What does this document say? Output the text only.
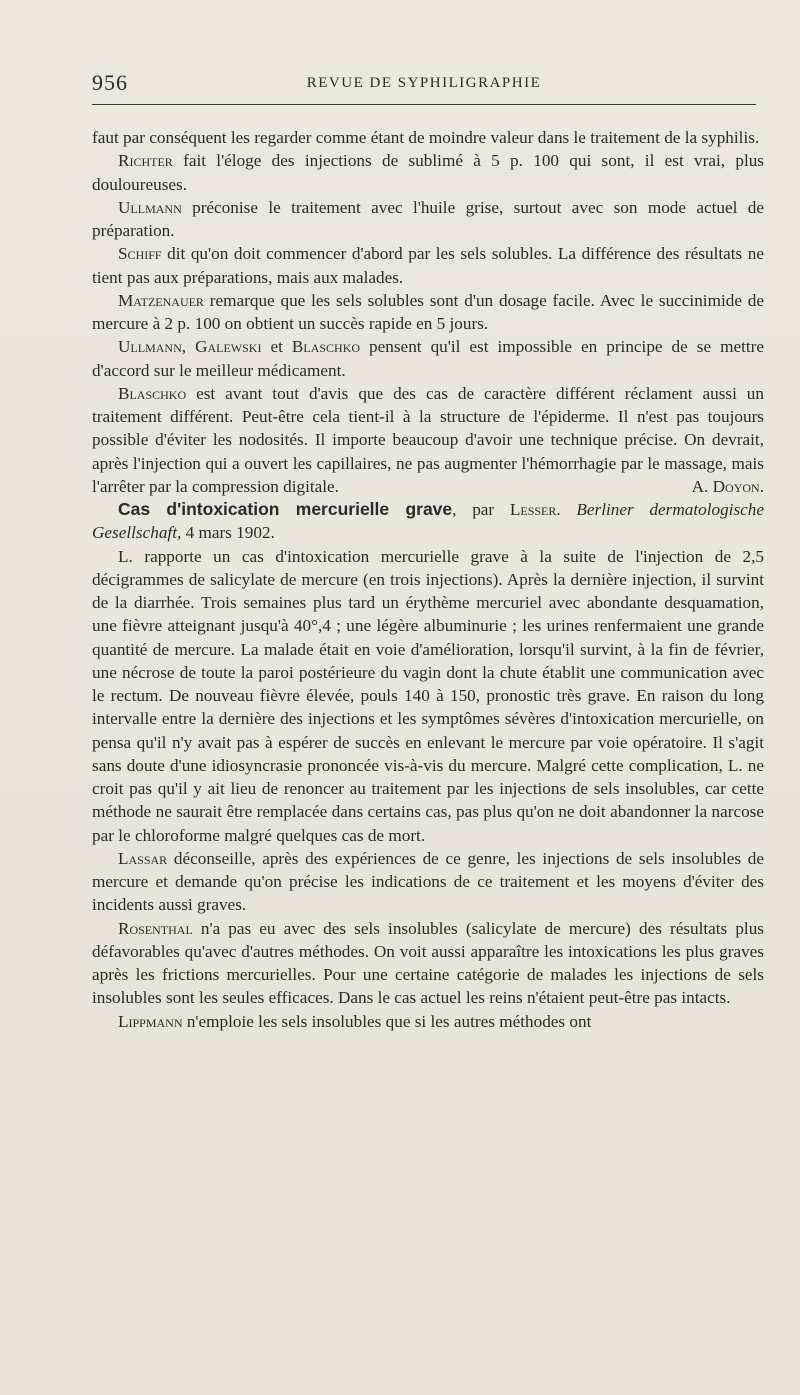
956	REVUE DE SYPHILIGRAPHIE

faut par conséquent les regarder comme étant de moindre valeur dans le traitement de la syphilis.

Richter fait l'éloge des injections de sublimé à 5 p. 100 qui sont, il est vrai, plus douloureuses.

Ullmann préconise le traitement avec l'huile grise, surtout avec son mode actuel de préparation.

Schiff dit qu'on doit commencer d'abord par les sels solubles. La différence des résultats ne tient pas aux préparations, mais aux malades.

Matzenauer remarque que les sels solubles sont d'un dosage facile. Avec le succinimide de mercure à 2 p. 100 on obtient un succès rapide en 5 jours.

Ullmann, Galewski et Blaschko pensent qu'il est impossible en principe de se mettre d'accord sur le meilleur médicament.

Blaschko est avant tout d'avis que des cas de caractère différent réclament aussi un traitement différent. Peut-être cela tient-il à la structure de l'épiderme. Il n'est pas toujours possible d'éviter les nodosités. Il importe beaucoup d'avoir une technique précise. On devrait, après l'injection qui a ouvert les capillaires, ne pas augmenter l'hémorrhagie par le massage, mais l'arrêter par la compression digitale.	A. Doyon.

Cas d'intoxication mercurielle grave, par Lesser. Berliner dermatologische Gesellschaft, 4 mars 1902.

L. rapporte un cas d'intoxication mercurielle grave à la suite de l'injection de 2,5 décigrammes de salicylate de mercure (en trois injections). Après la dernière injection, il survint de la diarrhée. Trois semaines plus tard un érythème mercuriel avec abondante desquamation, une fièvre atteignant jusqu'à 40°,4 ; une légère albuminurie ; les urines renfermaient une grande quantité de mercure. La malade était en voie d'amélioration, lorsqu'il survint, à la fin de février, une nécrose de toute la paroi postérieure du vagin dont la chute établit une communication avec le rectum. De nouveau fièvre élevée, pouls 140 à 150, pronostic très grave. En raison du long intervalle entre la dernière des injections et les symptômes sévères d'intoxication mercurielle, on pensa qu'il n'y avait pas à espérer de succès en enlevant le mercure par voie opératoire. Il s'agit sans doute d'une idiosyncrasie prononcée vis-à-vis du mercure. Malgré cette complication, L. ne croit pas qu'il y ait lieu de renoncer au traitement par les injections de sels insolubles, car cette méthode ne saurait être remplacée dans certains cas, pas plus qu'on ne doit abandonner la narcose par le chloroforme malgré quelques cas de mort.

Lassar déconseille, après des expériences de ce genre, les injections de sels insolubles de mercure et demande qu'on précise les indications de ce traitement et les moyens d'éviter des incidents aussi graves.

Rosenthal n'a pas eu avec des sels insolubles (salicylate de mercure) des résultats plus défavorables qu'avec d'autres méthodes. On voit aussi apparaître les intoxications les plus graves après les frictions mercurielles. Pour une certaine catégorie de malades les injections de sels insolubles sont les seules efficaces. Dans le cas actuel les reins n'étaient peut-être pas intacts.

Lippmann n'emploie les sels insolubles que si les autres méthodes ont
